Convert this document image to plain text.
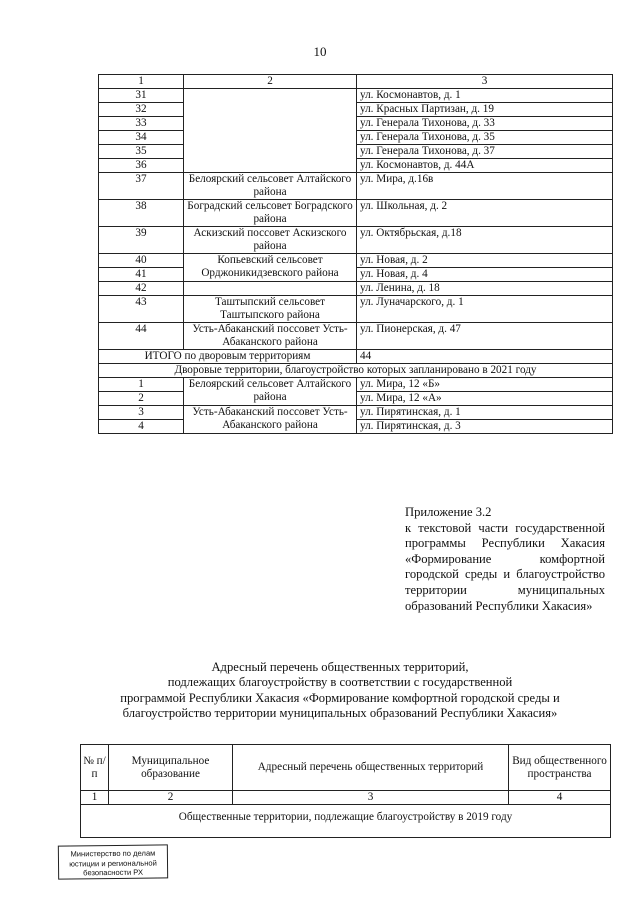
10
1	2	3
31		ул. Космонавтов, д. 1
32		ул. Красных Партизан, д. 19
33		ул. Генерала Тихонова, д. 33
34		ул. Генерала Тихонова, д. 35
35		ул. Генерала Тихонова, д. 37
36		ул. Космонавтов, д. 44А
37	Белоярский сельсовет Алтайского района	ул. Мира, д.16в
38	Боградский сельсовет Боградского района	ул. Школьная, д. 2
39	Аскизский поссовет Аскизского района	ул. Октябрьская, д.18
40	Копьевский сельсовет Орджоникидзевского района	ул. Новая, д. 2
41		ул. Новая, д. 4
42		ул. Ленина, д. 18
43	Таштыпский сельсовет Таштыпского района	ул. Луначарского, д. 1
44	Усть-Абаканский поссовет Усть-Абаканского района	ул. Пионерская, д. 47
ИТОГО по дворовым территориям		44
Дворовые территории, благоустройство которых запланировано в 2021 году		
1	Белоярский сельсовет Алтайского района	ул. Мира, 12 «Б»
2		ул. Мира, 12 «А»
3	Усть-Абаканский поссовет Усть-Абаканского района	ул. Пирятинская, д. 1
4		ул. Пирятинская, д. 3
Приложение 3.2
к текстовой части государственной программы Республики Хакасия «Формирование комфортной городской среды и благоустройство территории муниципальных образований Республики Хакасия»
Адресный перечень общественных территорий,
подлежащих благоустройству в соответствии с государственной
программой Республики Хакасия «Формирование комфортной городской среды и
благоустройство территории муниципальных образований Республики Хакасия»
№ п/п	Муниципальное образование	Адресный перечень общественных территорий	Вид общественного пространства
1	2	3	4
Общественные территории, подлежащие благоустройству в 2019 году			
Министерство по делам
юстиции и региональной
безопасности РХ
